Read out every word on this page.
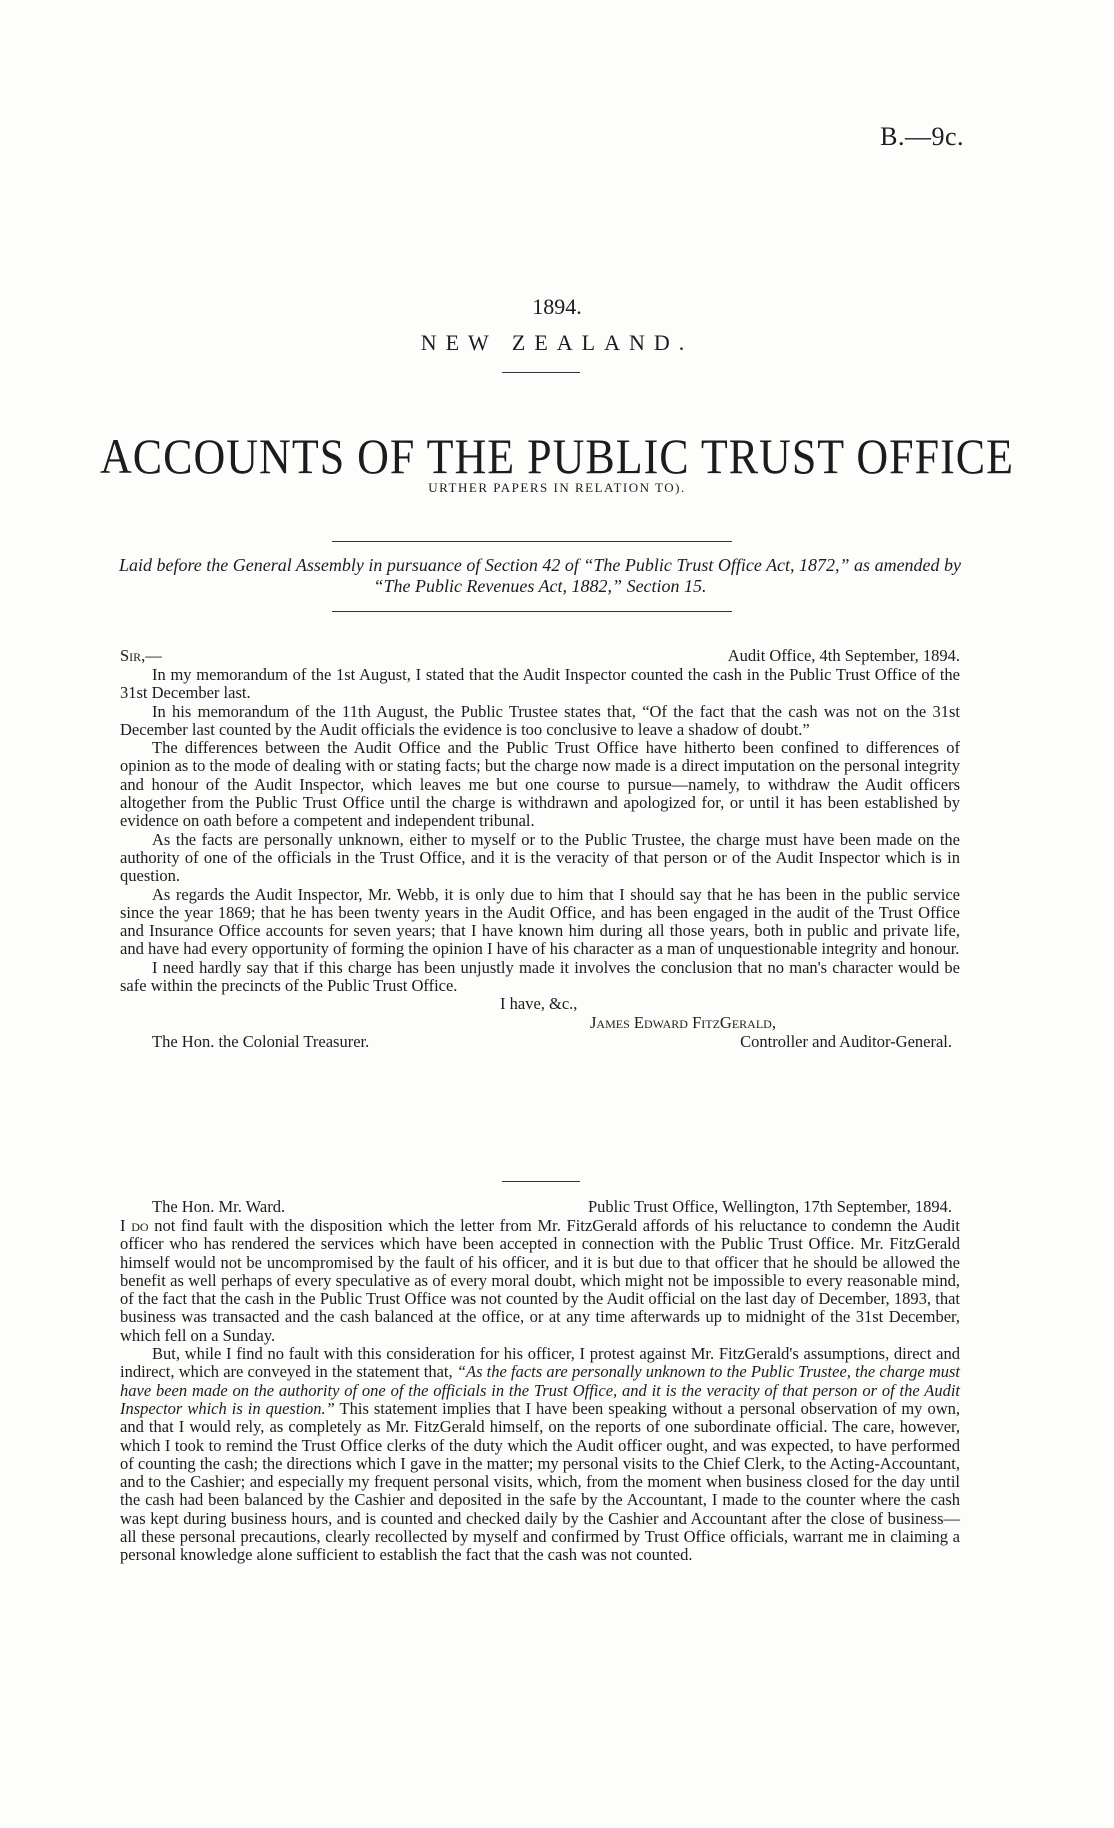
B.—9c.
1894.
NEW ZEALAND.
ACCOUNTS OF THE PUBLIC TRUST OFFICE
URTHER PAPERS IN RELATION TO).
Laid before the General Assembly in pursuance of Section 42 of “The Public Trust Office Act, 1872,” as amended by “The Public Revenues Act, 1882,” Section 15.
Sir,—	Audit Office, 4th September, 1894.

In my memorandum of the 1st August, I stated that the Audit Inspector counted the cash in the Public Trust Office of the 31st December last.

In his memorandum of the 11th August, the Public Trustee states that, “Of the fact that the cash was not on the 31st December last counted by the Audit officials the evidence is too conclusive to leave a shadow of doubt.”

The differences between the Audit Office and the Public Trust Office have hitherto been confined to differences of opinion as to the mode of dealing with or stating facts; but the charge now made is a direct imputation on the personal integrity and honour of the Audit Inspector, which leaves me but one course to pursue—namely, to withdraw the Audit officers altogether from the Public Trust Office until the charge is withdrawn and apologized for, or until it has been established by evidence on oath before a competent and independent tribunal.

As the facts are personally unknown, either to myself or to the Public Trustee, the charge must have been made on the authority of one of the officials in the Trust Office, and it is the veracity of that person or of the Audit Inspector which is in question.

As regards the Audit Inspector, Mr. Webb, it is only due to him that I should say that he has been in the public service since the year 1869; that he has been twenty years in the Audit Office, and has been engaged in the audit of the Trust Office and Insurance Office accounts for seven years; that I have known him during all those years, both in public and private life, and have had every opportunity of forming the opinion I have of his character as a man of unquestionable integrity and honour.

I need hardly say that if this charge has been unjustly made it involves the conclusion that no man's character would be safe within the precincts of the Public Trust Office.

I have, &c.,
James Edward FitzGerald,
The Hon. the Colonial Treasurer.	Controller and Auditor-General.
The Hon. Mr. Ward.	Public Trust Office, Wellington, 17th September, 1894.

I do not find fault with the disposition which the letter from Mr. FitzGerald affords of his reluctance to condemn the Audit officer who has rendered the services which have been accepted in connection with the Public Trust Office. Mr. FitzGerald himself would not be uncompromised by the fault of his officer, and it is but due to that officer that he should be allowed the benefit as well perhaps of every speculative as of every moral doubt, which might not be impossible to every reasonable mind, of the fact that the cash in the Public Trust Office was not counted by the Audit official on the last day of December, 1893, that business was transacted and the cash balanced at the office, or at any time afterwards up to midnight of the 31st December, which fell on a Sunday.

But, while I find no fault with this consideration for his officer, I protest against Mr. FitzGerald's assumptions, direct and indirect, which are conveyed in the statement that, “As the facts are personally unknown to the Public Trustee, the charge must have been made on the authority of one of the officials in the Trust Office, and it is the veracity of that person or of the Audit Inspector which is in question.” This statement implies that I have been speaking without a personal observation of my own, and that I would rely, as completely as Mr. FitzGerald himself, on the reports of one subordinate official. The care, however, which I took to remind the Trust Office clerks of the duty which the Audit officer ought, and was expected, to have performed of counting the cash; the directions which I gave in the matter; my personal visits to the Chief Clerk, to the Acting-Accountant, and to the Cashier; and especially my frequent personal visits, which, from the moment when business closed for the day until the cash had been balanced by the Cashier and deposited in the safe by the Accountant, I made to the counter where the cash was kept during business hours, and is counted and checked daily by the Cashier and Accountant after the close of business—all these personal precautions, clearly recollected by myself and confirmed by Trust Office officials, warrant me in claiming a personal knowledge alone sufficient to establish the fact that the cash was not counted.
